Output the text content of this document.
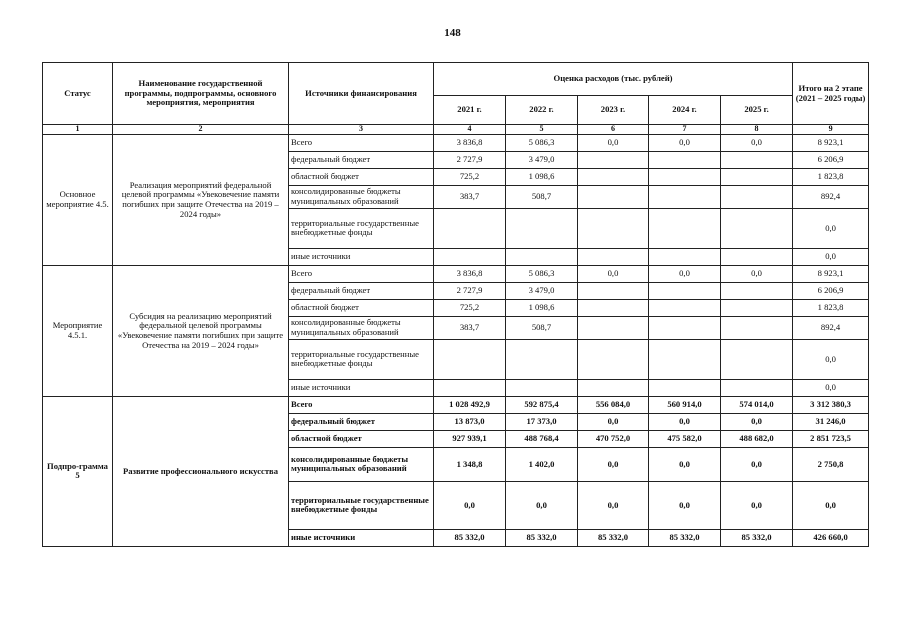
148
Статус	Наименование государственной программы, подпрограммы, основного мероприятия, мероприятия	Источники финансирования	Оценка расходов (тыс. рублей)					Итого на 2 этапе (2021 – 2025 годы)
			2021 г.	2022 г.	2023 г.	2024 г.	2025 г.	
1	2	3	4	5	6	7	8	9
Основное мероприятие 4.5.	Реализация мероприятий федеральной целевой программы «Увековечение памяти погибших при защите Отечества на 2019 – 2024 годы»	Всего	3 836,8	5 086,3	0,0	0,0	0,0	8 923,1
		федеральный бюджет	2 727,9	3 479,0				6 206,9
		областной бюджет	725,2	1 098,6				1 823,8
		консолидированные бюджеты муниципальных образований	383,7	508,7				892,4
		территориальные государственные внебюджетные фонды						0,0
		иные источники						0,0
Мероприятие 4.5.1.	Субсидия на реализацию мероприятий федеральной целевой программы «Увековечение памяти погибших при защите Отечества на 2019 – 2024 годы»	Всего	3 836,8	5 086,3	0,0	0,0	0,0	8 923,1
		федеральный бюджет	2 727,9	3 479,0				6 206,9
		областной бюджет	725,2	1 098,6				1 823,8
		консолидированные бюджеты муниципальных образований	383,7	508,7				892,4
		территориальные государственные внебюджетные фонды						0,0
		иные источники						0,0
Подпро-грамма 5	Развитие профессионального искусства	Всего	1 028 492,9	592 875,4	556 084,0	560 914,0	574 014,0	3 312 380,3
		федеральный бюджет	13 873,0	17 373,0	0,0	0,0	0,0	31 246,0
		областной бюджет	927 939,1	488 768,4	470 752,0	475 582,0	488 682,0	2 851 723,5
		консолидированные бюджеты муниципальных образований	1 348,8	1 402,0	0,0	0,0	0,0	2 750,8
		территориальные государственные внебюджетные фонды	0,0	0,0	0,0	0,0	0,0	0,0
		иные источники	85 332,0	85 332,0	85 332,0	85 332,0	85 332,0	426 660,0
